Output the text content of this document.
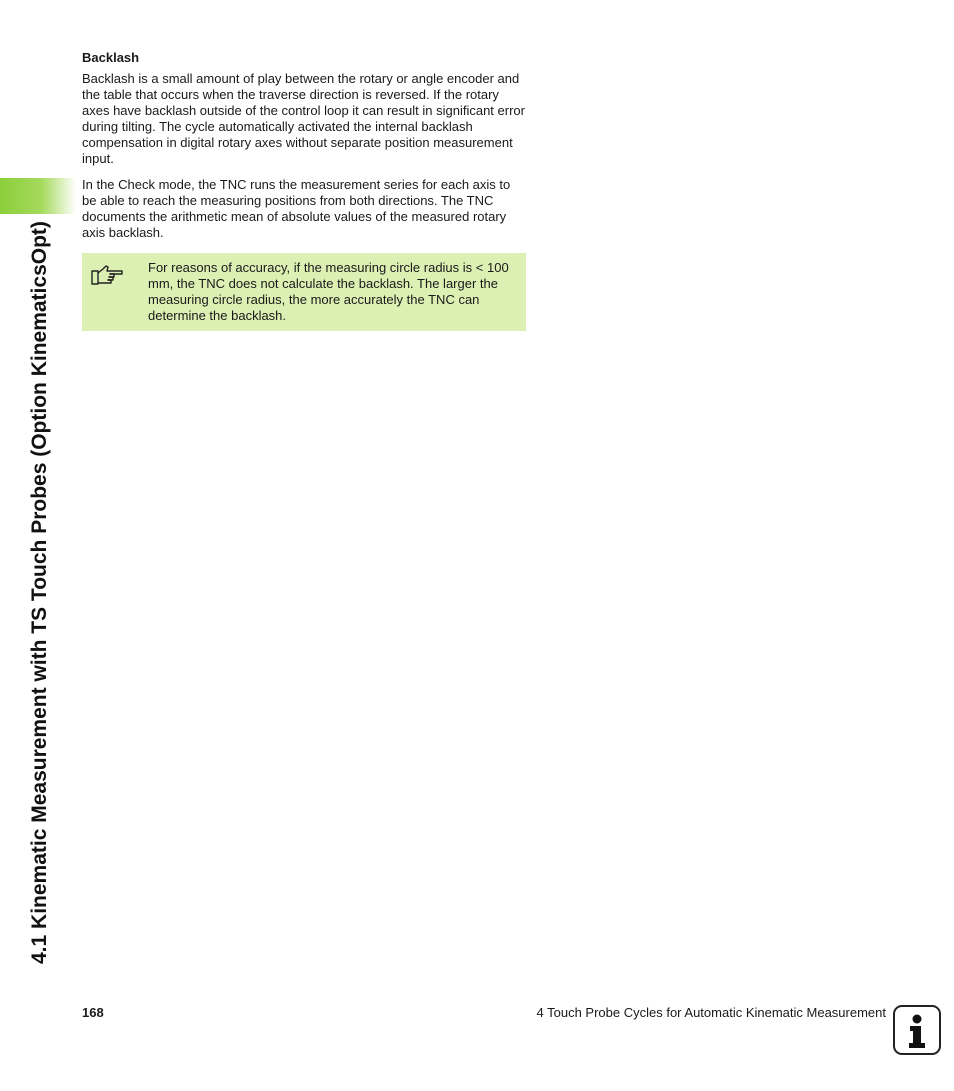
4.1 Kinematic Measurement with TS Touch Probes (Option KinematicsOpt)
Backlash

Backlash is a small amount of play between the rotary or angle encoder and the table that occurs when the traverse direction is reversed. If the rotary axes have backlash outside of the control loop it can result in significant error during tilting. The cycle automatically activated the internal backlash compensation in digital rotary axes without separate position measurement input.

In the Check mode, the TNC runs the measurement series for each axis to be able to reach the measuring positions from both directions. The TNC documents the arithmetic mean of absolute values of the measured rotary axis backlash.

For reasons of accuracy, if the measuring circle radius is < 100 mm, the TNC does not calculate the backlash. The larger the measuring circle radius, the more accurately the TNC can determine the backlash.
168	4 Touch Probe Cycles for Automatic Kinematic Measurement
